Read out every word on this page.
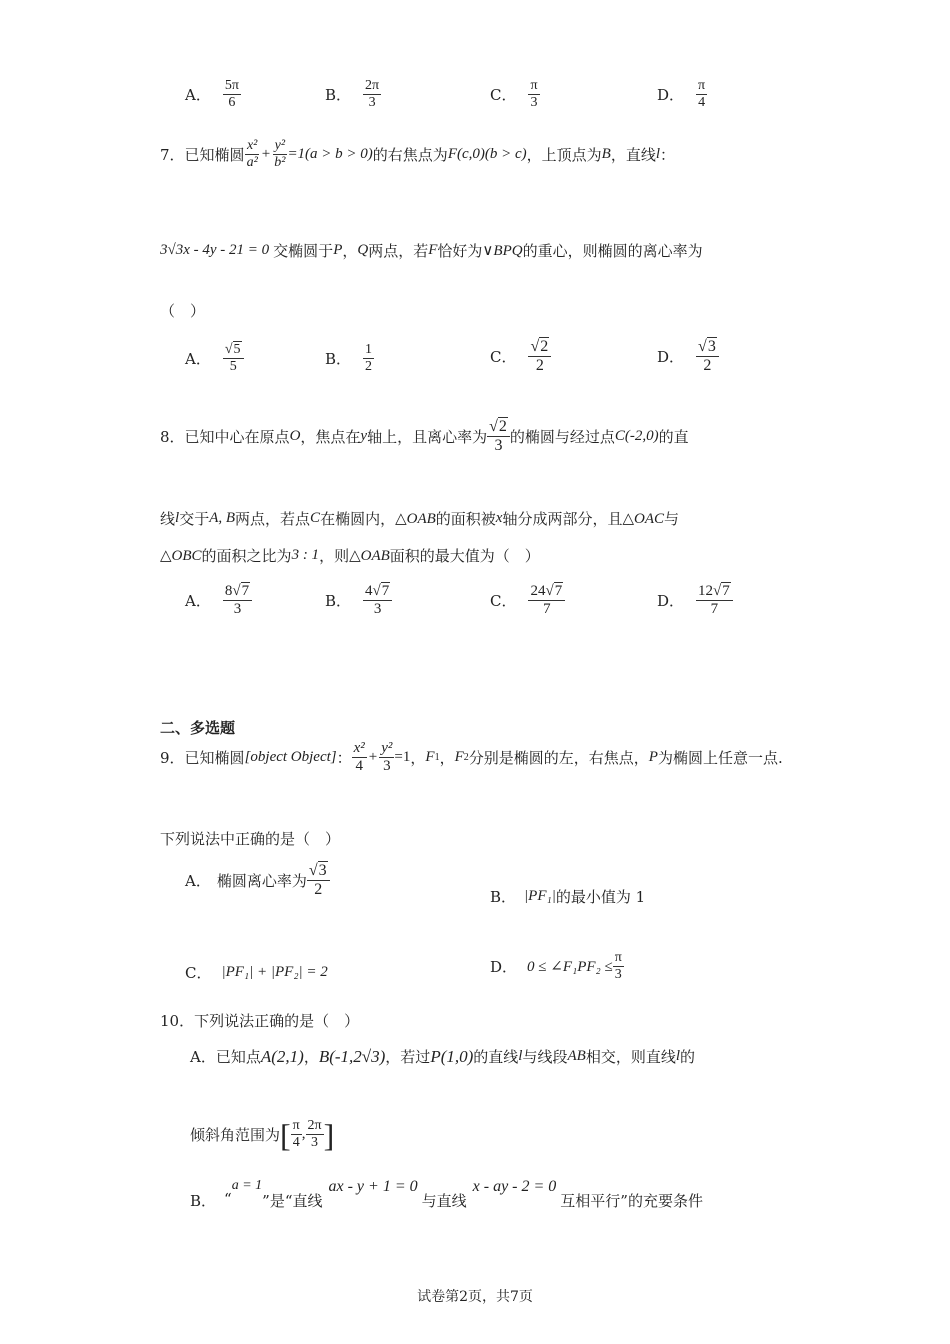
A． $\frac{5\pi}{6}$	B． $\frac{2\pi}{3}$	C． $\frac{\pi}{3}$	D． $\frac{\pi}{4}$
7． 已知椭圆 $\frac{\text{x²}}{\text{a²}} + \frac{\text{y²}}{\text{b²}} =1(a > b > 0)$ 的右焦点为 F(c,0)(b > c) ，上顶点为 B ，直线 l ：
3√3x - 4y - 21 = 0 交椭圆于 P ， Q 两点，若 F 恰好为 ∨BPQ 的重心，则椭圆的离心率为
（　）
A． $\frac{√5}{5}$	B． $\frac{1}{2}$	C． $\frac{√2}{2}$	D． $\frac{√3}{2}$
8． 已知中心在原点 O ，焦点在 y 轴上，且离心率为 $\frac{√2}{3}$ 的椭圆与经过点 C(-2,0) 的直
线 l 交于 A, B 两点，若点 C 在椭圆内， △OAB 的面积被 x 轴分成两部分，且 △OAC 与
△OBC 的面积之比为 3 : 1 ，则 △OAB 面积的最大值为（　）
A． $\frac{8√7}{3}$	B． $\frac{4√7}{3}$	C． $\frac{24√7}{7}$	D． $\frac{12√7}{7}$
二、多选题
9． 已知椭圆 [object Object] ： $\frac{\text{x²}}{4} + \frac{\text{y²}}{3} =1$ ， F 1 ， F 2 分别是椭圆的左，右焦点， P 为椭圆上任意一点.
下列说法中正确的是（　）
A． 椭圆离心率为 $\frac{√3}{2}$	B． |PF₁| 的最小值为 1
C． |PF₁| + |PF₂| = 2	D． 0 ≤ ∠F₁PF₂ ≤ $\frac{\pi}{3}$
10． 下列说法正确的是（　）
A． 已知点 A(2,1) ， B(-1,2√3) ，若过 P(1,0) 的直线 l 与线段 AB 相交，则直线 l 的
倾斜角范围为 [ $\frac{\pi}{4}$ , $\frac{2\pi}{3}$ ]
B． “
a = 1
”是“直线
ax - y + 1 = 0
与直线
x - ay - 2 = 0
互相平行”的充要条件
试卷第2页，共7页
